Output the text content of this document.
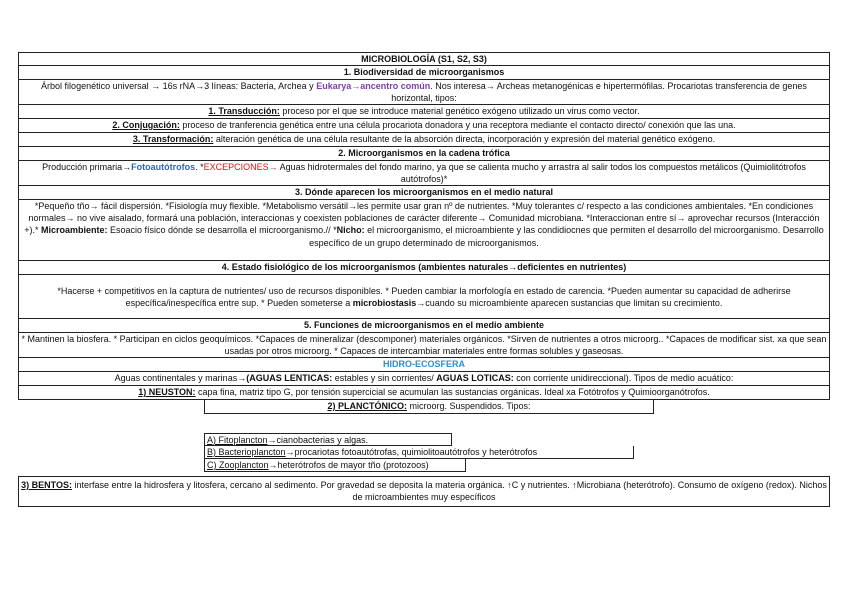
MICROBIOLOGÍA (S1, S2, S3)
1. Biodiversidad de microorganismos
Árbol filogenético universal → 16s rNA→3 líneas: Bacteria, Archea y Eukarya→ancentro común. Nos interesa→ Archeas metanogénicas e hipertermófilas. Procariotas transferencia de genes horizontal, tipos:
1. Transducción: proceso por el que se introduce material genético exógeno utilizado un virus como vector.
2. Conjugación: proceso de tranferencia genética entre una célula procariota donadora y una receptora mediante el contacto directo/ conexión que las una.
3. Transformación: alteración genética de una célula resultante de la absorción directa, incorporación y expresión del material genético exógeno.
2. Microorganismos en la cadena trófica
Producción primaria→Fotoautótrofos. *EXCEPCIONES→ Aguas hidrotermales del fondo marino, ya que se calienta mucho y arrastra al salir todos los compuestos metálicos (Quimiolitótrofos autótrofos)*
3. Dónde aparecen los microorganismos en el medio natural
*Pequeño tño→ fácil dispersión. *Fisiología muy flexible. *Metabolismo versátil→les permite usar gran nº de nutrientes. *Muy tolerantes c/ respecto a las condiciones ambientales. *En condiciones normales→ no vive aisalado, formará una población, interaccionas y coexisten poblaciones de carácter diferente→ Comunidad microbiana. *Interaccionan entre sí→ aprovechar recursos (Interacción +).* Microambiente: Esoacio físico dónde se desarrolla el microorganismo.// *Nicho: el microorganismo, el microambiente y las condidiocnes que permiten el desarrollo del microorganismo. Desarrollo específico de un grupo determinado de microorganismos.
4. Estado fisiológico de los microorganismos (ambientes naturales→deficientes en nutrientes)
*Hacerse + competitivos en la captura de nutrientes/ uso de recursos disponibles. * Pueden cambiar la morfología en estado de carencia. *Pueden aumentar su capacidad de adherirse específica/inespecífica entre sup. * Pueden someterse a microbiostasis→cuando su microambiente aparecen sustancias que limitan su crecimiento.
5. Funciones de microorganismos en el medio ambiente
* Mantinen la biosfera. * Participan en ciclos geoquímicos. *Capaces de mineralizar (descomponer) materiales orgánicos. *Sirven de nutrientes a otros microorg.. *Capaces de modificar sist. xa que sean usadas por otros microorg. * Capaces de intercambiar materiales entre formas solubles y gaseosas.
HIDRO-ECOSFERA
Aguas continentales y marinas→(AGUAS LENTICAS: estables y sin corrientes/ AGUAS LOTICAS: con corriente unidireccional). Tipos de medio acuático:
1) NEUSTON: capa fina, matriz tipo G, por tensión supercicial se acumulan las sustancias orgánicas. Ideal xa Fotótrofos y Quimioorganótrofos.
2) PLANCTÓNICO: microorg. Suspendidos. Tipos:
A) Fitoplancton→cianobacterias y algas.
B) Bacterioplancton→procariotas fotoautótrofas, quimiolitoautótrofos y heterótrofos
C) Zooplancton→heterótrofos de mayor tño (protozoos)
3) BENTOS: interfase entre la hidrosfera y litosfera, cercano al sedimento. Por gravedad se deposita la materia orgánica. ↑C y nutrientes. ↑Microbiana (heterótrofo). Consumo de oxígeno (redox). Nichos de microambientes muy específicos
